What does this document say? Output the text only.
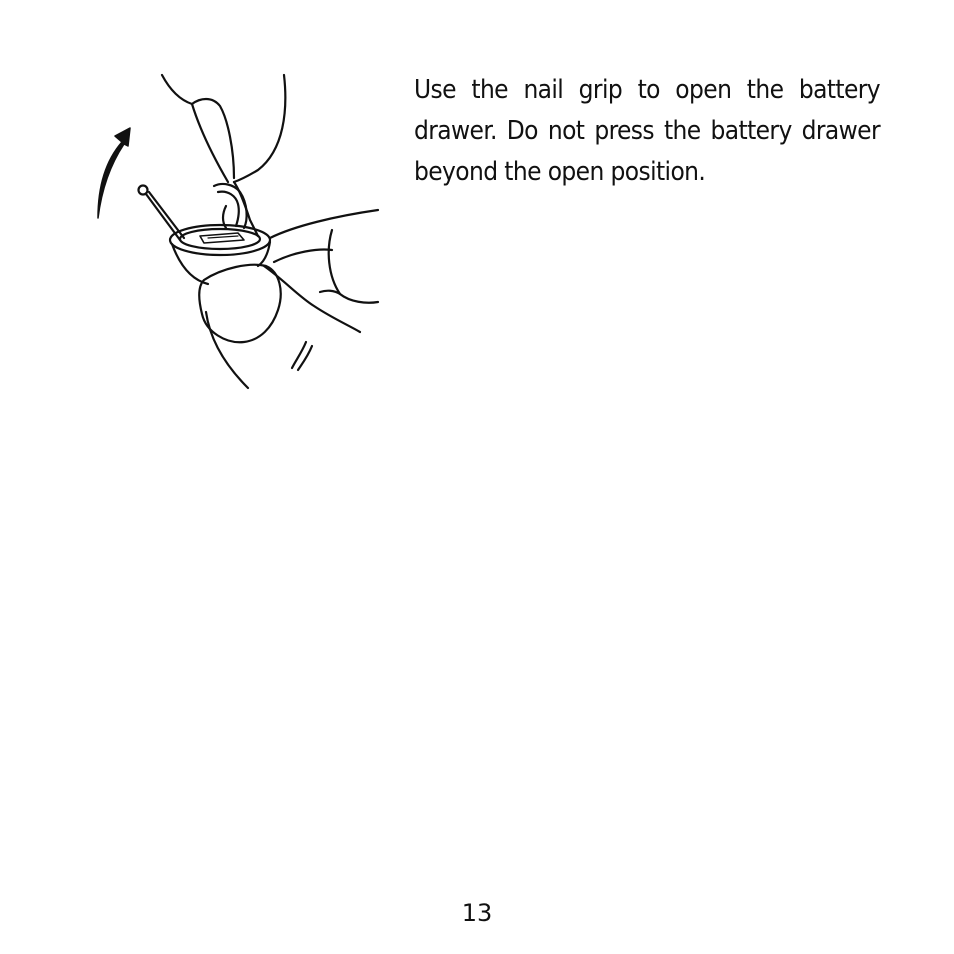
Use the nail grip to open the battery drawer. Do not press the battery drawer beyond the open position.

13
